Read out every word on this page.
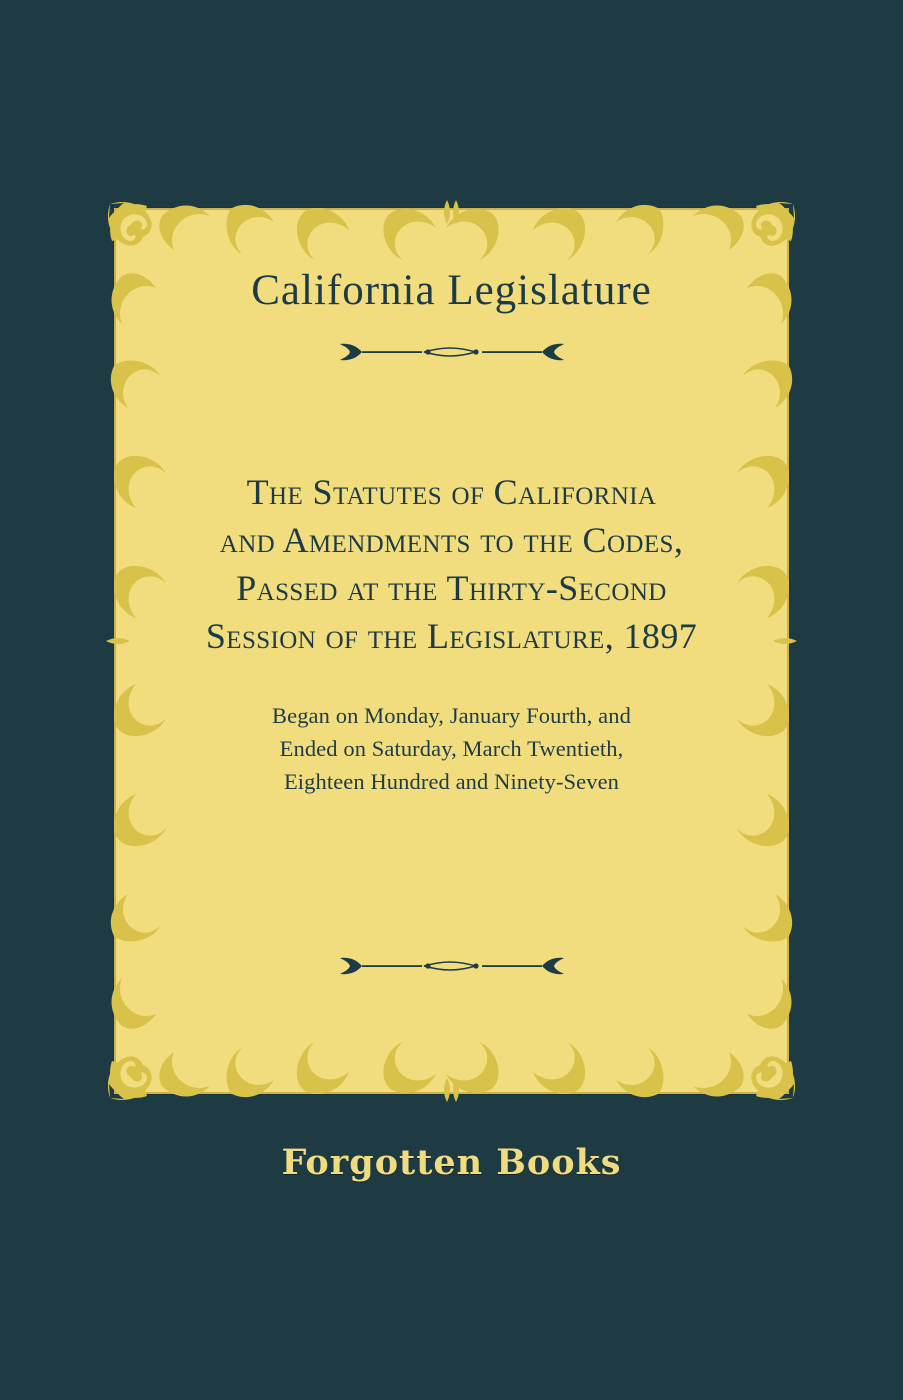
California Legislature
The Statutes of California
and Amendments to the Codes,
Passed at the Thirty-Second
Session of the Legislature, 1897
Began on Monday, January Fourth, and
Ended on Saturday, March Twentieth,
Eighteen Hundred and Ninety-Seven
Forgotten Books
